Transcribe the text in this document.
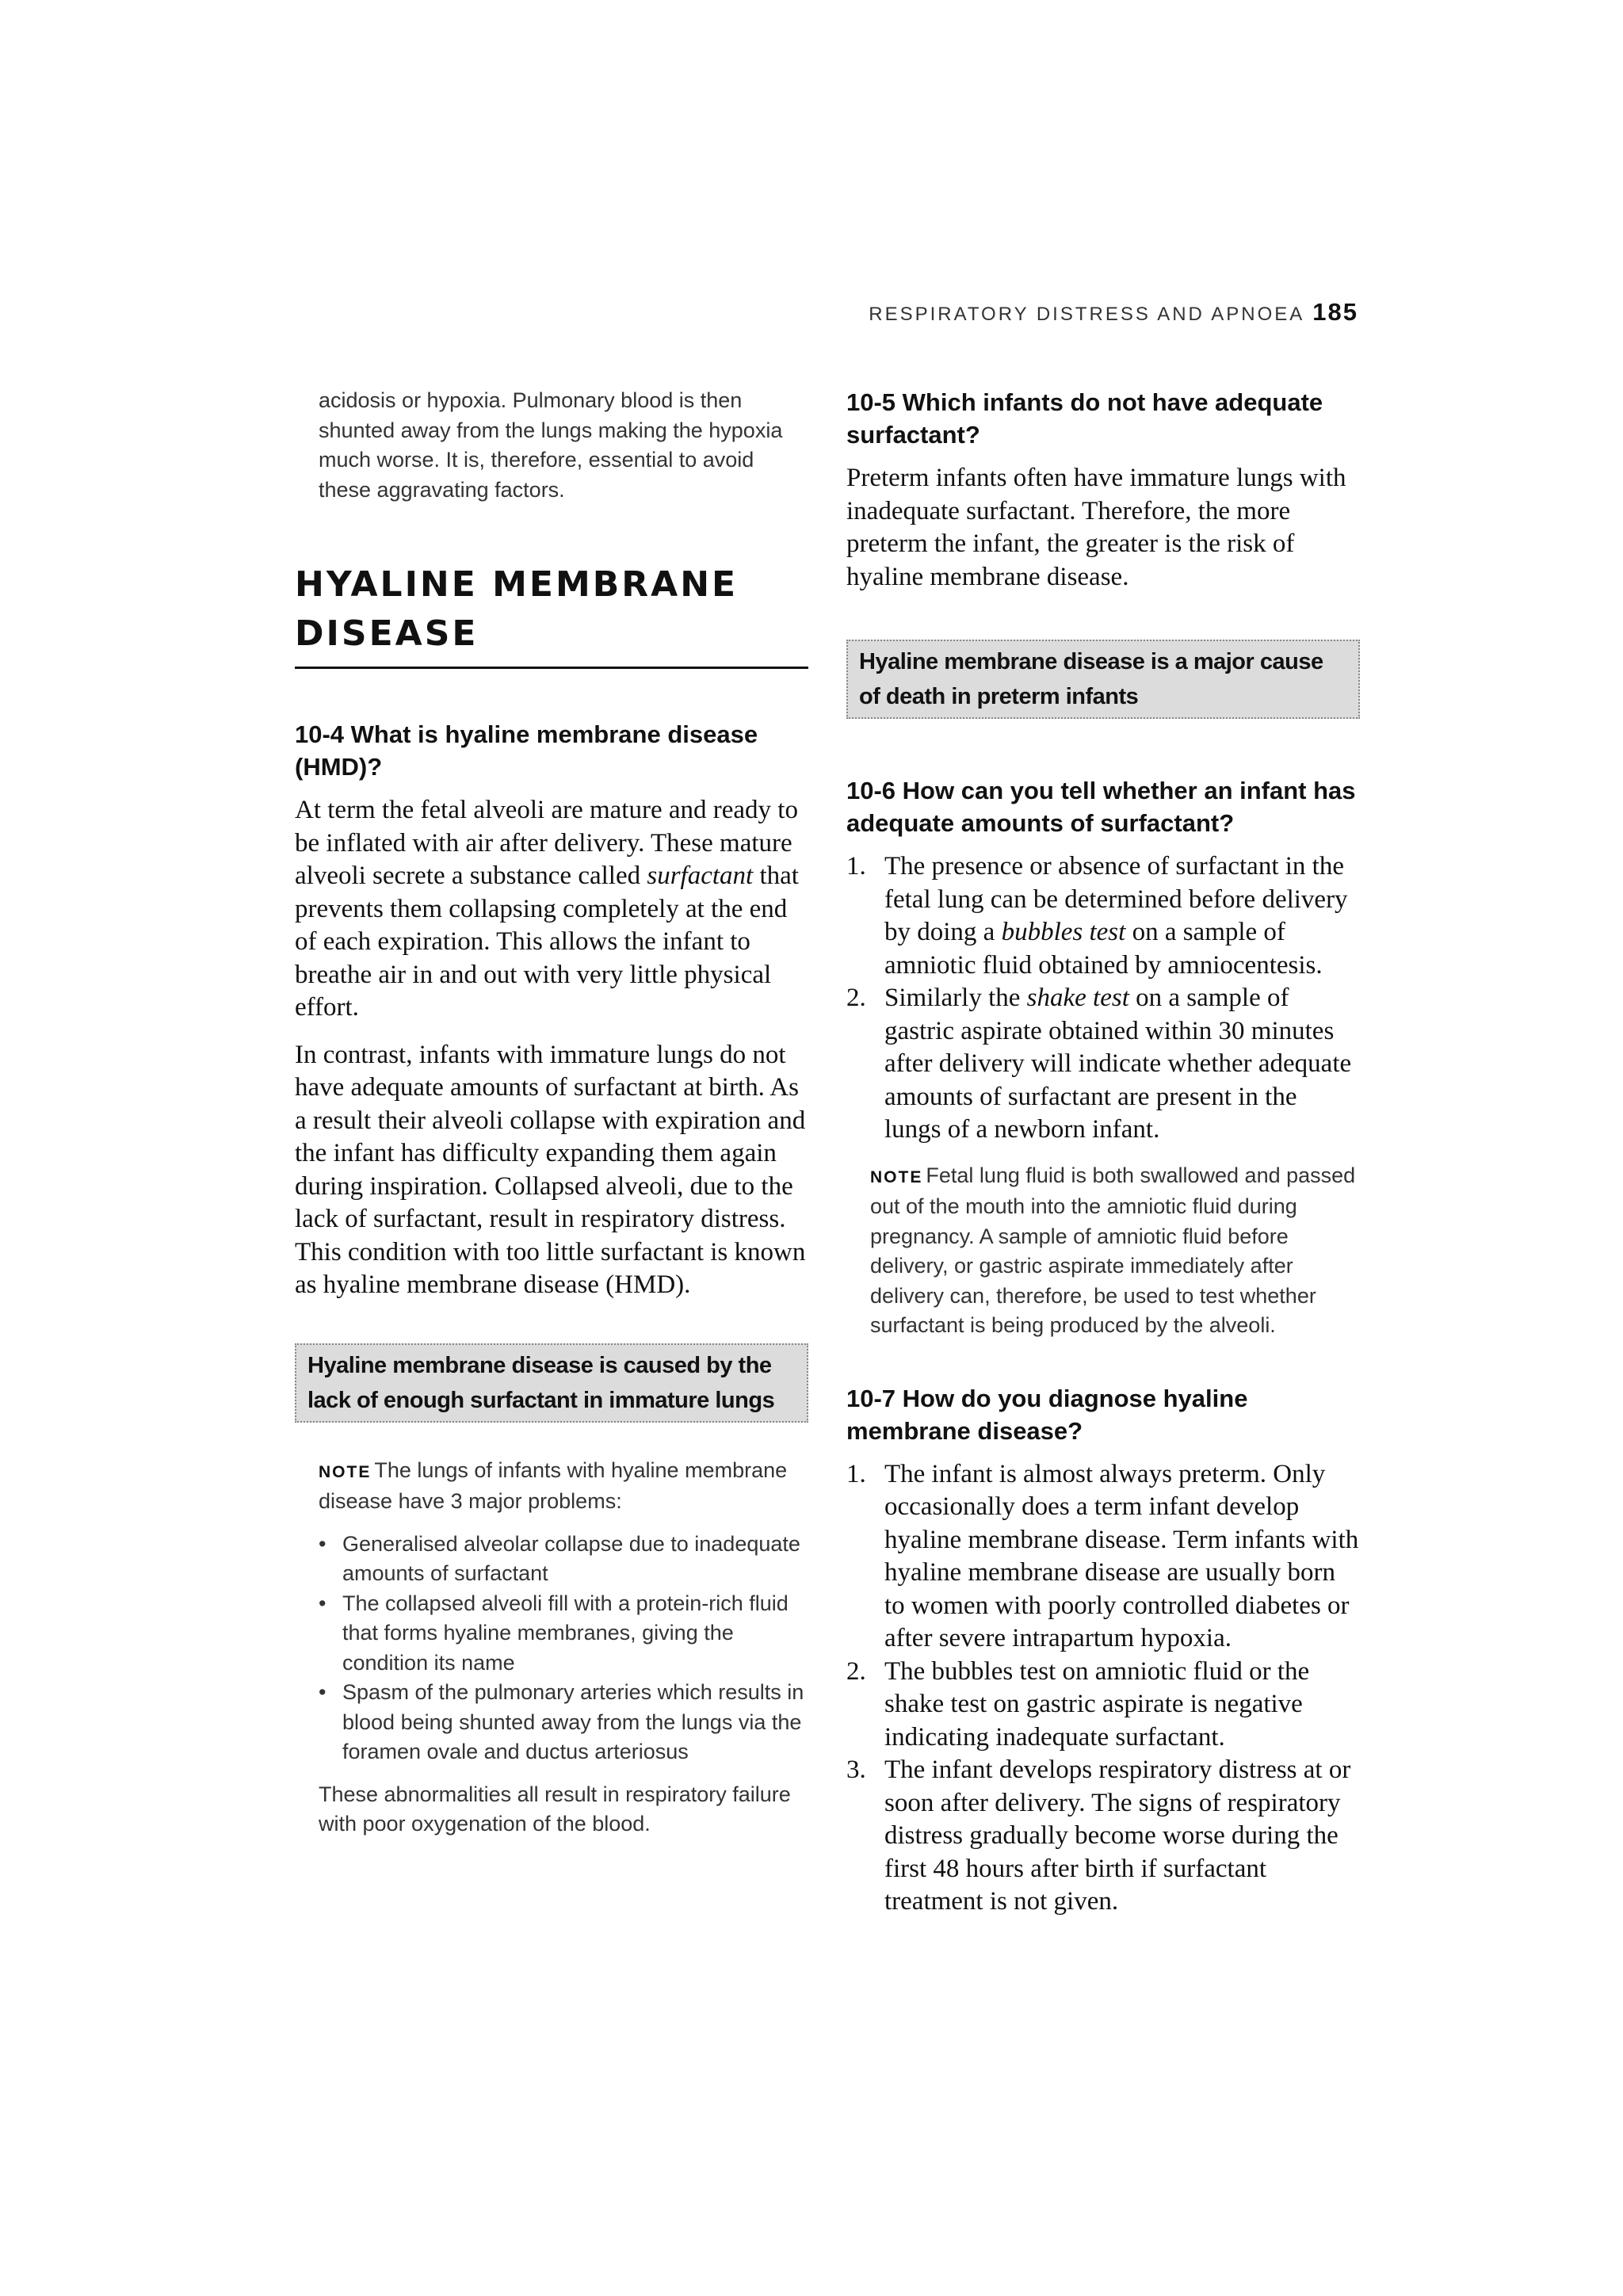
RESPIRATORY DISTRESS AND APNOEA 185

acidosis or hypoxia. Pulmonary blood is then shunted away from the lungs making the hypoxia much worse. It is, therefore, essential to avoid these aggravating factors.

HYALINE MEMBRANE
DISEASE
10-4 What is hyaline membrane disease (HMD)?

At term the fetal alveoli are mature and ready to be inflated with air after delivery. These mature alveoli secrete a substance called surfactant that prevents them collapsing completely at the end of each expiration. This allows the infant to breathe air in and out with very little physical effort.

In contrast, infants with immature lungs do not have adequate amounts of surfactant at birth. As a result their alveoli collapse with expiration and the infant has difficulty expanding them again during inspiration. Collapsed alveoli, due to the lack of surfactant, result in respiratory distress. This condition with too little surfactant is known as hyaline membrane disease (HMD).

Hyaline membrane disease is caused by the lack of enough surfactant in immature lungs

NOTE The lungs of infants with hyaline membrane disease have 3 major problems:

• Generalised alveolar collapse due to inadequate amounts of surfactant
• The collapsed alveoli fill with a protein-rich fluid that forms hyaline membranes, giving the condition its name
• Spasm of the pulmonary arteries which results in blood being shunted away from the lungs via the foramen ovale and ductus arteriosus

These abnormalities all result in respiratory failure with poor oxygenation of the blood.

10-5 Which infants do not have adequate surfactant?

Preterm infants often have immature lungs with inadequate surfactant. Therefore, the more preterm the infant, the greater is the risk of hyaline membrane disease.

Hyaline membrane disease is a major cause of death in preterm infants
10-6 How can you tell whether an infant has adequate amounts of surfactant?
1. The presence or absence of surfactant in the fetal lung can be determined before delivery by doing a bubbles test on a sample of amniotic fluid obtained by amniocentesis.
2. Similarly the shake test on a sample of gastric aspirate obtained within 30 minutes after delivery will indicate whether adequate amounts of surfactant are present in the lungs of a newborn infant.

NOTE Fetal lung fluid is both swallowed and passed out of the mouth into the amniotic fluid during pregnancy. A sample of amniotic fluid before delivery, or gastric aspirate immediately after delivery can, therefore, be used to test whether surfactant is being produced by the alveoli.

10-7 How do you diagnose hyaline membrane disease?
1. The infant is almost always preterm. Only occasionally does a term infant develop hyaline membrane disease. Term infants with hyaline membrane disease are usually born to women with poorly controlled diabetes or after severe intrapartum hypoxia.
2. The bubbles test on amniotic fluid or the shake test on gastric aspirate is negative indicating inadequate surfactant.
3. The infant develops respiratory distress at or soon after delivery. The signs of respiratory distress gradually become worse during the first 48 hours after birth if surfactant treatment is not given.
